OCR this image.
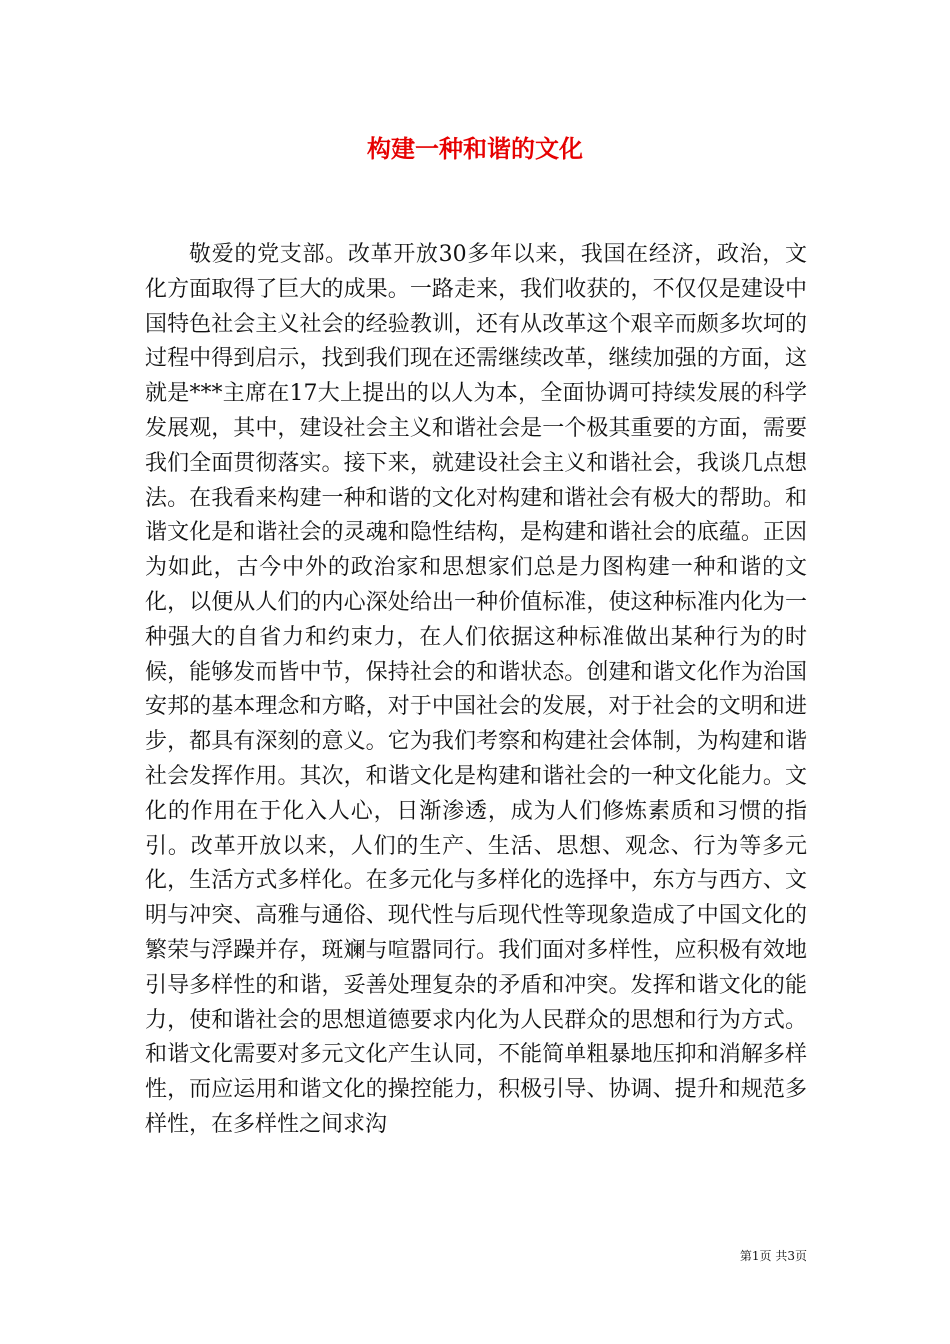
构建一种和谐的文化

敬爱的党支部。改革开放30多年以来，我国在经济，政治，文化方面取得了巨大的成果。一路走来，我们收获的，不仅仅是建设中国特色社会主义社会的经验教训，还有从改革这个艰辛而颇多坎坷的过程中得到启示，找到我们现在还需继续改革，继续加强的方面，这就是***主席在17大上提出的以人为本，全面协调可持续发展的科学发展观，其中，建设社会主义和谐社会是一个极其重要的方面，需要我们全面贯彻落实。接下来，就建设社会主义和谐社会，我谈几点想法。在我看来构建一种和谐的文化对构建和谐社会有极大的帮助。和谐文化是和谐社会的灵魂和隐性结构，是构建和谐社会的底蕴。正因为如此，古今中外的政治家和思想家们总是力图构建一种和谐的文化，以便从人们的内心深处给出一种价值标准，使这种标准内化为一种强大的自省力和约束力，在人们依据这种标准做出某种行为的时候，能够发而皆中节，保持社会的和谐状态。创建和谐文化作为治国安邦的基本理念和方略，对于中国社会的发展，对于社会的文明和进步，都具有深刻的意义。它为我们考察和构建社会体制，为构建和谐社会发挥作用。其次，和谐文化是构建和谐社会的一种文化能力。文化的作用在于化入人心，日渐渗透，成为人们修炼素质和习惯的指引。改革开放以来，人们的生产、生活、思想、观念、行为等多元化，生活方式多样化。在多元化与多样化的选择中，东方与西方、文明与冲突、高雅与通俗、现代性与后现代性等现象造成了中国文化的繁荣与浮躁并存，斑斓与喧嚣同行。我们面对多样性，应积极有效地引导多样性的和谐，妥善处理复杂的矛盾和冲突。发挥和谐文化的能力，使和谐社会的思想道德要求内化为人民群众的思想和行为方式。和谐文化需要对多元文化产生认同，不能简单粗暴地压抑和消解多样性，而应运用和谐文化的操控能力，积极引导、协调、提升和规范多样性，在多样性之间求沟

第1页 共3页
